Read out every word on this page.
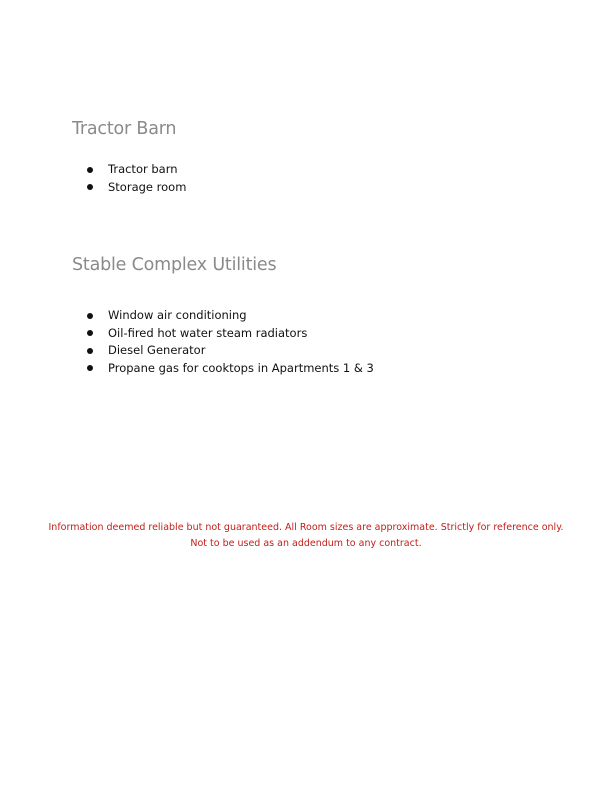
Tractor Barn
Tractor barn
Storage room
Stable Complex Utilities
Window air conditioning
Oil-fired hot water steam radiators
Diesel Generator
Propane gas for cooktops in Apartments 1 & 3

Information deemed reliable but not guaranteed. All Room sizes are approximate. Strictly for reference only.

Not to be used as an addendum to any contract.
